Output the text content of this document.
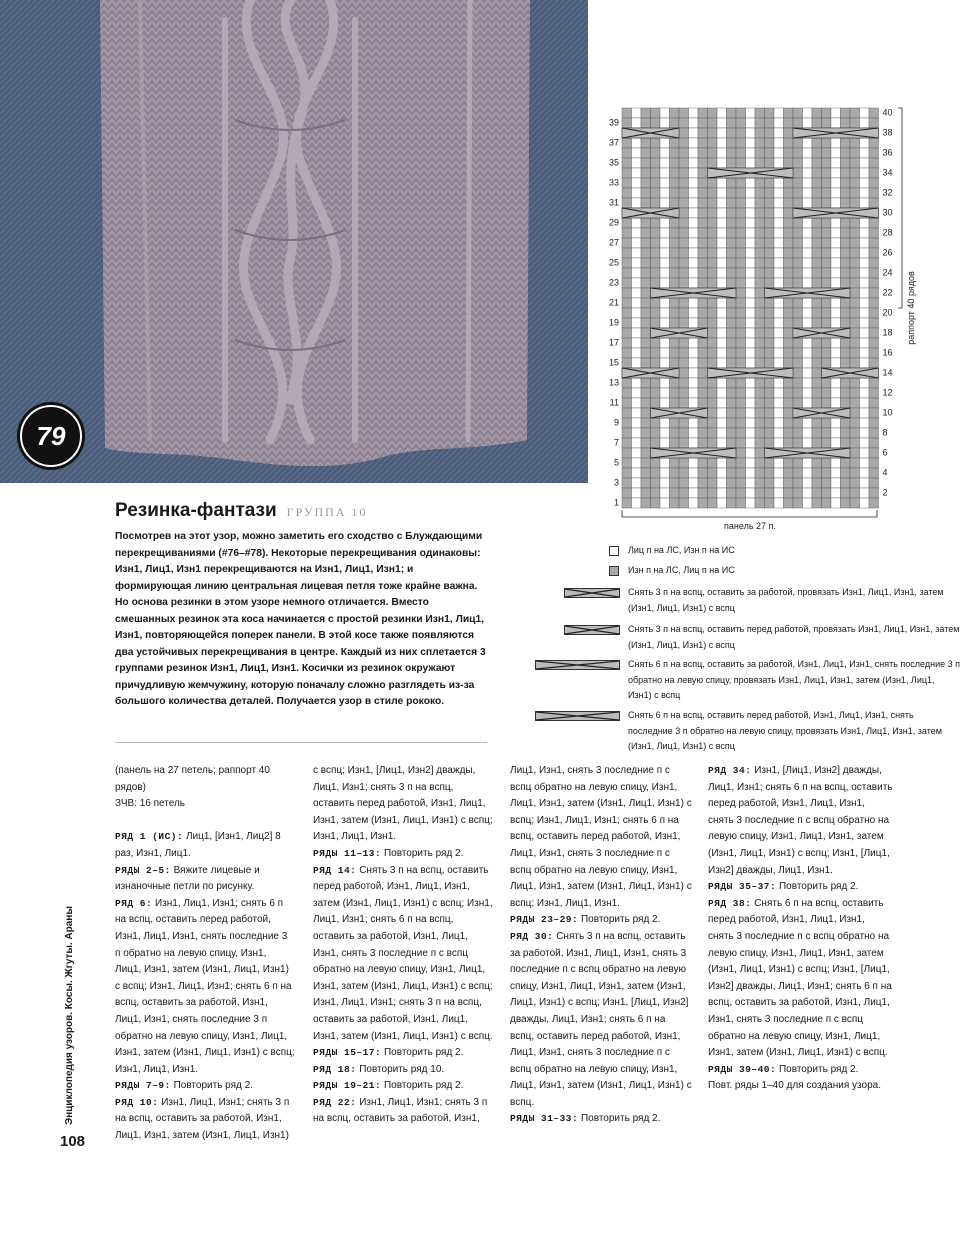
79
1
3
5
7
9
11
13
15
17
19
21
23
25
27
29
31
33
35
37
39
2
4
6
8
10
12
14
16
18
20
22
24
26
28
30
32
34
36
38
40
панель 27 п.
раппорт 40 рядов
Резинка-фантази ГРУППА 10
Посмотрев на этот узор, можно заметить его сходство с Блуждающими перекрещиваниями (#76–#78). Некоторые перекрещивания одинаковы: Изн1, Лиц1, Изн1 перекрещиваются на Изн1, Лиц1, Изн1; и формирующая линию центральная лицевая петля тоже крайне важна. Но основа резинки в этом узоре немного отличается. Вместо смешанных резинок эта коса начинается с простой резинки Изн1, Лиц1, Изн1, повторяющейся поперек панели. В этой косе также появляются два устойчивых перекрещивания в центре. Каждый из них сплетается 3 группами резинок Изн1, Лиц1, Изн1. Косички из резинок окружают причудливую жемчужину, которую поначалу сложно разглядеть из-за большого количества деталей. Получается узор в стиле рококо.
Лиц п на ЛС, Изн п на ИС
Изн п на ЛС, Лиц п на ИС
Снять 3 п на вспц, оставить за работой, провязать Изн1, Лиц1, Изн1, затем (Изн1, Лиц1, Изн1) с вспц
Снять 3 п на вспц, оставить перед работой, провязать Изн1, Лиц1, Изн1, затем (Изн1, Лиц1, Изн1) с вспц
Снять 6 п на вспц, оставить за работой, Изн1, Лиц1, Изн1, снять последние 3 п обратно на левую спицу, провязать Изн1, Лиц1, Изн1, затем (Изн1, Лиц1, Изн1) с вспц
Снять 6 п на вспц, оставить перед работой, Изн1, Лиц1, Изн1, снять последние 3 п обратно на левую спицу, провязать Изн1, Лиц1, Изн1, затем (Изн1, Лиц1, Изн1) с вспц

(панель на 27 петель; раппорт 40 рядов)

ЗЧВ: 16 петель

РЯД 1 (ИС): Лиц1, [Изн1, Лиц2] 8 раз, Изн1, Лиц1.

РЯДЫ 2–5: Вяжите лицевые и изнаночные петли по рисунку.

РЯД 6: Изн1, Лиц1, Изн1; снять 6 п на вспц, оставить перед работой, Изн1, Лиц1, Изн1, снять последние 3 п обратно на левую спицу, Изн1, Лиц1, Изн1, затем (Изн1, Лиц1, Изн1) с вспц; Изн1, Лиц1, Изн1; снять 6 п на вспц, оставить за работой, Изн1, Лиц1, Изн1, снять последние 3 п обратно на левую спицу, Изн1, Лиц1, Изн1, затем (Изн1, Лиц1, Изн1) с вспц; Изн1, Лиц1, Изн1.

РЯДЫ 7–9: Повторить ряд 2.

РЯД 10: Изн1, Лиц1, Изн1; снять 3 п на вспц, оставить за работой, Изн1, Лиц1, Изн1, затем (Изн1, Лиц1, Изн1)

с вспц; Изн1, [Лиц1, Изн2] дважды, Лиц1, Изн1; снять 3 п на вспц, оставить перед работой, Изн1, Лиц1, Изн1, затем (Изн1, Лиц1, Изн1) с вспц; Изн1, Лиц1, Изн1.

РЯДЫ 11–13: Повторить ряд 2.

РЯД 14: Снять 3 п на вспц, оставить перед работой, Изн1, Лиц1, Изн1, затем (Изн1, Лиц1, Изн1) с вспц; Изн1, Лиц1, Изн1; снять 6 п на вспц, оставить за работой, Изн1, Лиц1, Изн1, снять 3 последние п с вспц обратно на левую спицу, Изн1, Лиц1, Изн1, затем (Изн1, Лиц1, Изн1) с вспц; Изн1, Лиц1, Изн1; снять 3 п на вспц, оставить за работой, Изн1, Лиц1, Изн1, затем (Изн1, Лиц1, Изн1) с вспц.

РЯДЫ 15–17: Повторить ряд 2.

РЯД 18: Повторить ряд 10.

РЯДЫ 19–21: Повторить ряд 2.

РЯД 22: Изн1, Лиц1, Изн1; снять 3 п на вспц, оставить за работой, Изн1,

Лиц1, Изн1, снять 3 последние п с вспц обратно на левую спицу, Изн1, Лиц1, Изн1, затем (Изн1, Лиц1, Изн1) с вспц; Изн1, Лиц1, Изн1; снять 6 п на вспц, оставить перед работой, Изн1, Лиц1, Изн1, снять 3 последние п с вспц обратно на левую спицу, Изн1, Лиц1, Изн1, затем (Изн1, Лиц1, Изн1) с вспц; Изн1, Лиц1, Изн1.

РЯДЫ 23–29: Повторить ряд 2.

РЯД 30: Снять 3 п на вспц, оставить за работой, Изн1, Лиц1, Изн1, снять 3 последние п с вспц обратно на левую спицу, Изн1, Лиц1, Изн1, затем (Изн1, Лиц1, Изн1) с вспц; Изн1, [Лиц1, Изн2] дважды, Лиц1, Изн1; снять 6 п на вспц, оставить перед работой, Изн1, Лиц1, Изн1, снять 3 последние п с вспц обратно на левую спицу, Изн1, Лиц1, Изн1, затем (Изн1, Лиц1, Изн1) с вспц.

РЯДЫ 31–33: Повторить ряд 2.

РЯД 34: Изн1, [Лиц1, Изн2] дважды, Лиц1, Изн1; снять 6 п на вспц, оставить перед работой, Изн1, Лиц1, Изн1, снять 3 последние п с вспц обратно на левую спицу, Изн1, Лиц1, Изн1, затем (Изн1, Лиц1, Изн1) с вспц; Изн1, [Лиц1, Изн2] дважды, Лиц1, Изн1.

РЯДЫ 35–37: Повторить ряд 2.

РЯД 38: Снять 6 п на вспц, оставить перед работой, Изн1, Лиц1, Изн1, снять 3 последние п с вспц обратно на левую спицу, Изн1, Лиц1, Изн1, затем (Изн1, Лиц1, Изн1) с вспц; Изн1, [Лиц1, Изн2] дважды, Лиц1, Изн1; снять 6 п на вспц, оставить за работой, Изн1, Лиц1, Изн1, снять 3 последние п с вспц обратно на левую спицу, Изн1, Лиц1, Изн1, затем (Изн1, Лиц1, Изн1) с вспц.

РЯДЫ 39–40: Повторить ряд 2.

Повт. ряды 1–40 для создания узора.

Энциклопедия узоров. Косы. Жгуты. Араны
108
